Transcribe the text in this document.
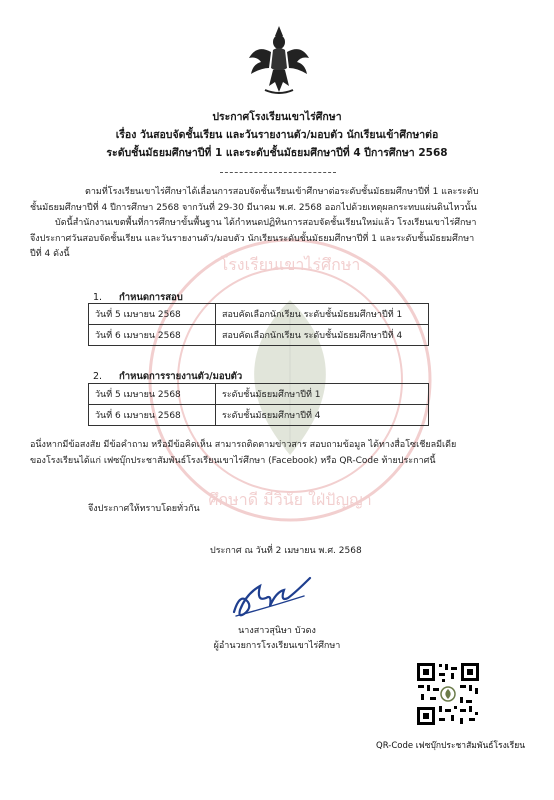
โรงเรียนเขาไร่ศึกษา
ศึกษาดี มีวินัย ใฝ่ปัญญา
ประกาศโรงเรียนเขาไร่ศึกษา
เรื่อง วันสอบจัดชั้นเรียน และวันรายงานตัว/มอบตัว นักเรียนเข้าศึกษาต่อ
ระดับชั้นมัธยมศึกษาปีที่ 1 และระดับชั้นมัธยมศึกษาปีที่ 4 ปีการศึกษา 2568
ตามที่โรงเรียนเขาไร่ศึกษาได้เลื่อนการสอบจัดชั้นเรียนเข้าศึกษาต่อระดับชั้นมัธยมศึกษาปีที่ 1 และระดับ
ชั้นมัธยมศึกษาปีที่ 4 ปีการศึกษา 2568 จากวันที่ 29-30 มีนาคม พ.ศ. 2568 ออกไปด้วยเหตุผลกระทบแผ่นดินไหวนั้น
บัดนี้สำนักงานเขตพื้นที่การศึกษาขั้นพื้นฐาน ได้กำหนดปฏิทินการสอบจัดชั้นเรียนใหม่แล้ว โรงเรียนเขาไร่ศึกษา
จึงประกาศวันสอบจัดชั้นเรียน และวันรายงานตัว/มอบตัว นักเรียนระดับชั้นมัธยมศึกษาปีที่ 1 และระดับชั้นมัธยมศึกษา
ปีที่ 4 ดังนี้
1. กำหนดการสอบ
วันที่ 5 เมษายน 2568	สอบคัดเลือกนักเรียน ระดับชั้นมัธยมศึกษาปีที่ 1
วันที่ 6 เมษายน 2568	สอบคัดเลือกนักเรียน ระดับชั้นมัธยมศึกษาปีที่ 4
2. กำหนดการรายงานตัว/มอบตัว
วันที่ 5 เมษายน 2568	ระดับชั้นมัธยมศึกษาปีที่ 1
วันที่ 6 เมษายน 2568	ระดับชั้นมัธยมศึกษาปีที่ 4
อนึ่งหากมีข้อสงสัย มีข้อคำถาม หรือมีข้อคิดเห็น สามารถติดตามข่าวสาร สอบถามข้อมูล ได้ทางสื่อโซเชียลมีเดีย
ของโรงเรียนได้แก่ เฟซบุ๊กประชาสัมพันธ์โรงเรียนเขาไร่ศึกษา (Facebook) หรือ QR-Code ท้ายประกาศนี้
จึงประกาศให้ทราบโดยทั่วกัน
ประกาศ ณ วันที่ 2 เมษายน พ.ศ. 2568
นางสาวสุนิษา บัวดง
ผู้อำนวยการโรงเรียนเขาไร่ศึกษา
QR-Code เฟซบุ๊กประชาสัมพันธ์โรงเรียน
